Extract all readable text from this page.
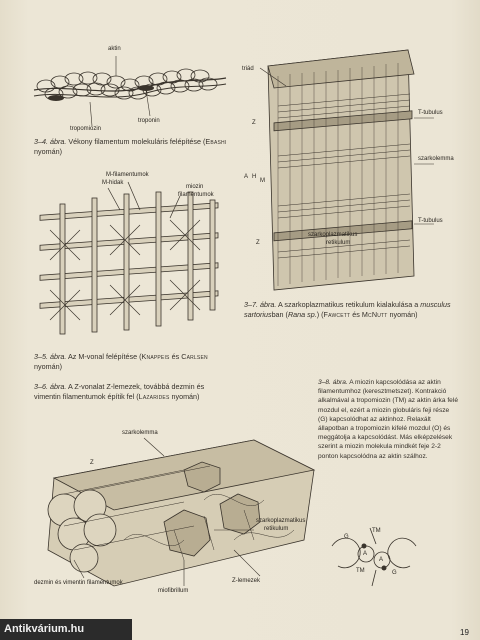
aktin
troponin
tropomiozin
3–4. ábra. Vékony filamentum molekuláris felépítése (Ebashi nyomán)
M-hidak
M-filamentumok
miozin
filamentumok
3–5. ábra. Az M-vonal felépítése (Knappeis és Carlsen nyomán)
3–6. ábra. A Z-vonalat Z-lemezek, továbbá dezmin és vimentin filamentumok építik fel (Lazarides nyomán)
triád
Z
A H
M
Z
T-tubulus
szarkolemma
T-tubulus
szarkoplazmatikus
retikulum
3–7. ábra. A szarkoplazmatikus retikulum kialakulása a musculus sartoriusban (Rana sp.) (Fawcett és McNutt nyomán)
3–8. ábra. A miozin kapcsolódása az aktin filamentumhoz (keresztmetszet). Kontrakció alkalmával a tropomiozin (TM) az aktin árka felé mozdul el, ezért a miozin globuláris feji része (G) kapcsolódhat az aktinhoz. Relaxált állapotban a tropomiozin kifelé mozdul (O) és meggátolja a kapcsolódást. Más elképzelések szerint a miozin molekula mindkét feje 2-2 ponton kapcsolódna az aktin szálhoz.
szarkolemma
Z
szarkoplazmatikus
retikulum
dezmin és vimentin filamentumok
miofibrillum
Z-lemezek
G
TM
A
A
TM	G
Antikvárium.hu	19
